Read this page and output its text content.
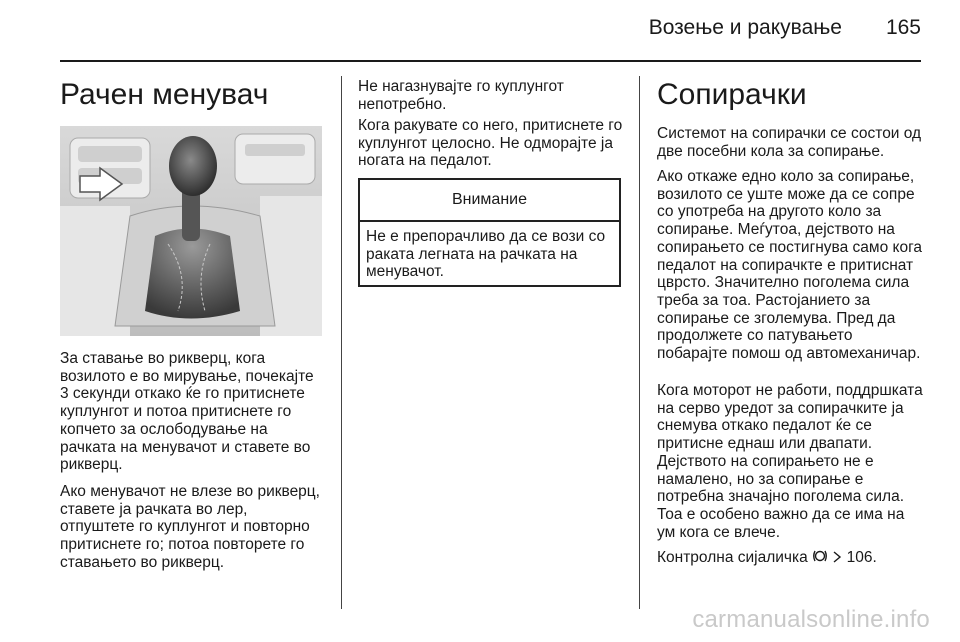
Возење и ракување 165
Рачен менувач

За ставање во рикверц, кога возилото е во мирување, почекајте 3 секунди откако ќе го притиснете куплунгот и потоа притиснете го копчето за ослободување на рачката на менувачот и ставете во рикверц.

Ако менувачот не влезе во рикверц, ставете ја рачката во лер, отпуштете го куплунгот и повторно притиснете го; потоа повторете го ставањето во рикверц.

Не нагазнувајте го куплунгот непотребно.

Кога ракувате со него, притиснете го куплунгот целосно. Не одмораjте ја ногата на педалот.

Внимание
Не е препорачливо да се вози со раката легната на рачката на менувачот.
Сопирачки

Системот на сопирачки се состои од две посебни кола за сопирање.

Ако откаже едно коло за сопирање, возилото се уште може да се сопре со употреба на другото коло за сопирање. Меѓутоа, дејството на сопирањето се постигнува само кога педалот на сопирачкте е притиснат цврсто. Значително поголема сила треба за тоа. Растојанието за сопирање се зголемува. Пред да продолжете со патувањето побарајте помош од автомеханичар.

Кога моторот не работи, поддршката на серво уредот за сопирачките ја снемува откако педалот ќе се притисне еднаш или двапати. Дејството на сопирањето не е намалено, но за сопирање е потребна значајно поголема сила. Тоа е особено важно да се има на ум кога се влече.

Контролна сијаличка	106.

carmanualsonline.info
